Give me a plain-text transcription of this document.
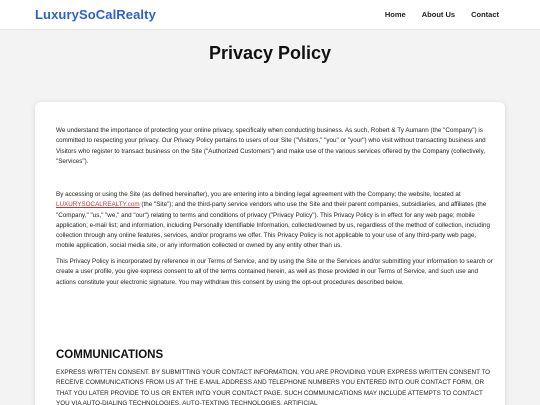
LuxurySoCalRealty	Home About Us Contact
Privacy Policy

We understand the importance of protecting your online privacy, specifically when conducting business. As such, Robert & Ty Aumann (the "Company") is committed to respecting your privacy. Our Privacy Policy pertains to users of our Site ("Visitors," "you" or "your") who visit without transacting business and Visitors who register to transact business on the Site ("Authorized Customers") and make use of the various services offered by the Company (collectively, "Services").

By accessing or using the Site (as defined hereinafter), you are entering into a binding legal agreement with the Company; the website, located at LUXURYSOCALREALTY.com (the "Site"); and the third-party service vendors who use the Site and their parent companies, subsidiaries, and affiliates (the "Company," "us," "we," and "our") relating to terms and conditions of privacy ("Privacy Policy"). This Privacy Policy is in effect for any web page; mobile application; e-mail list; and information, including Personally Identifiable Information, collected/owned by us, regardless of the method of collection, including collection through any online features, services, and/or programs we offer. This Privacy Policy is not applicable to your use of any third-party web page, mobile application, social media site, or any information collected or owned by any entity other than us.

This Privacy Policy is incorporated by reference in our Terms of Service, and by using the Site or the Services and/or submitting your information to search or create a user profile, you give express consent to all of the terms contained herein, as well as those provided in our Terms of Service, and such use and actions constitute your electronic signature. You may withdraw this consent by using the opt-out procedures described below.

COMMUNICATIONS

EXPRESS WRITTEN CONSENT. BY SUBMITTING YOUR CONTACT INFORMATION, YOU ARE PROVIDING YOUR EXPRESS WRITTEN CONSENT TO RECEIVE COMMUNICATIONS FROM US AT THE E-MAIL ADDRESS AND TELEPHONE NUMBERS YOU ENTERED INTO OUR CONTACT FORM, OR THAT YOU LATER PROVIDE TO US OR ENTER INTO YOUR CONTACT PAGE. SUCH COMMUNICATIONS MAY INCLUDE ATTEMPTS TO CONTACT YOU VIA AUTO-DIALING TECHNOLOGIES, AUTO-TEXTING TECHNOLOGIES, ARTIFICIAL
